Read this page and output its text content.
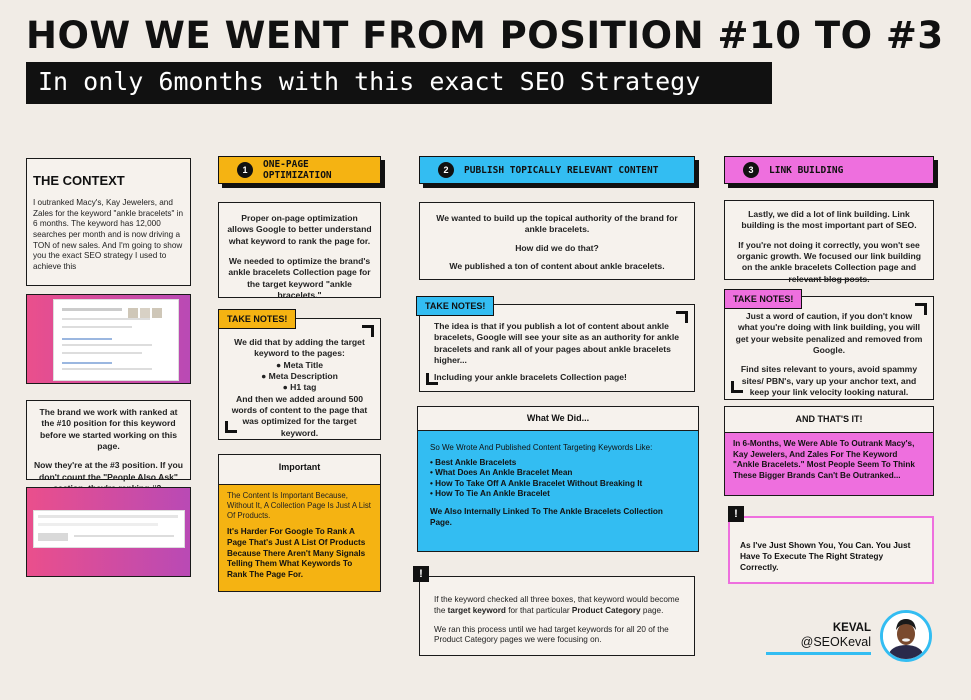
HOW WE WENT FROM POSITION #10 TO #3
In only 6months with this exact SEO Strategy
THE CONTEXT
I outranked Macy's, Kay Jewelers, and Zales for the keyword "ankle bracelets" in 6 months. The keyword has 12,000 searches per month and is now driving a TON of new sales. And I'm going to show you the exact SEO strategy I used to achieve this
The brand we work with ranked at the #10 position for this keyword before we started working on this page.
Now they're at the #3 position. If you don't count the "People Also Ask"
1	ONE-PAGE OPTIMIZATION
Proper on-page optimization allows Google to better understand what keyword to rank the page for.
We needed to optimize the brand's ankle bracelets Collection page for the target keyword "ankle bracelets."
We did that by adding the target keyword to the pages:
● Meta Title
● Meta Description
● H1 tag
And then we added around 500 words of content to the page that was optimized for the target keyword.
TAKE NOTES!
Important
The Content Is Important Because, Without It, A Collection Page Is Just A List Of Products.
It's Harder For Google To Rank A Page That's Just A List Of Products Because There Aren't Many Signals Telling Them What Keywords To Rank The Page For.
2	PUBLISH TOPICALLY RELEVANT CONTENT
We wanted to build up the topical authority of the brand for ankle bracelets.
How did we do that?
We published a ton of content about ankle bracelets.
The idea is that if you publish a lot of content about ankle bracelets, Google will see your site as an authority for ankle bracelets and rank all of your pages about ankle bracelets higher...
Including your ankle bracelets Collection page!
TAKE NOTES!
What We Did...
So We Wrote And Published Content Targeting Keywords Like:
• Best Ankle Bracelets
• What Does An Ankle Bracelet Mean
• How To Take Off A Ankle Bracelet Without Breaking It
• How To Tie An Ankle Bracelet
We Also Internally Linked To The Ankle Bracelets Collection Page.
If the keyword checked all three boxes, that keyword would become the target keyword for that particular Product Category page.
We ran this process until we had target keywords for all 20 of the Product Category pages we were focusing on.
!
3	LINK BUILDING
Lastly, we did a lot of link building. Link building is the most important part of SEO.
If you're not doing it correctly, you won't see organic growth. We focused our link building on the ankle bracelets Collection page and relevant blog posts.
Just a word of caution, if you don't know what you're doing with link building, you will get your website penalized and removed from Google.
Find sites relevant to yours, avoid spammy sites/ PBN's, vary up your anchor text, and keep your link velocity looking natural.
TAKE NOTES!
AND THAT'S IT!
In 6-Months, We Were Able To Outrank Macy's, Kay Jewelers, And Zales For The Keyword "Ankle Bracelets." Most People Seem To Think These Bigger Brands Can't Be Outranked...
As I've Just Shown You, You Can. You Just Have To Execute The Right Strategy Correctly.
!
KEVAL
@SEOKeval
